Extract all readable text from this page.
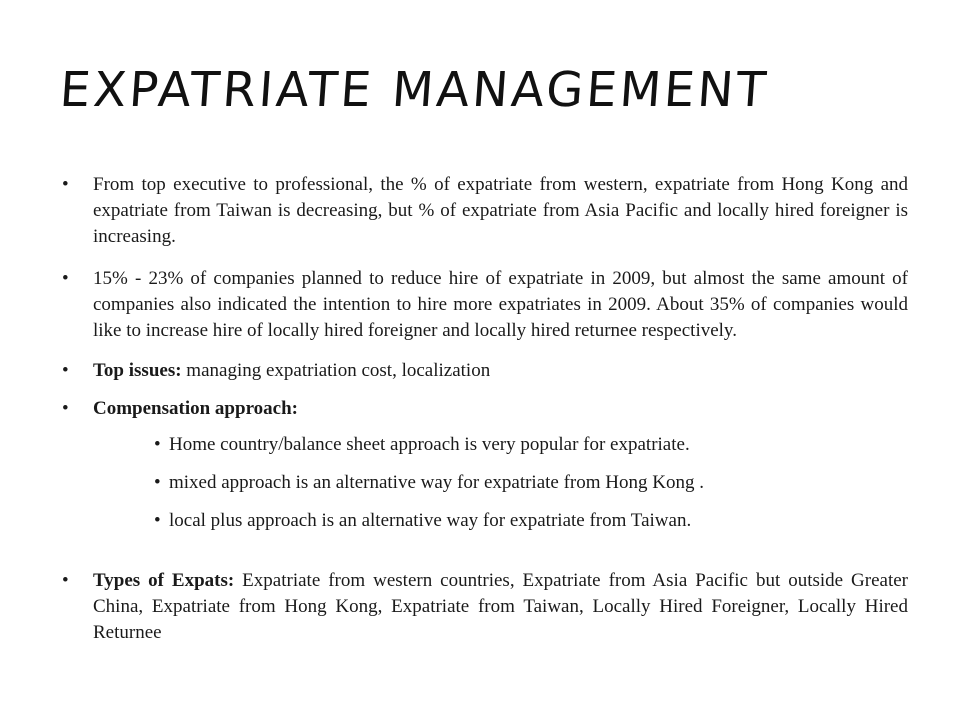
EXPATRIATE MANAGEMENT
• From top executive to professional, the % of expatriate from western, expatriate from Hong Kong and expatriate from Taiwan is decreasing, but % of expatriate from Asia Pacific and locally hired foreigner is increasing.
• 15% - 23% of companies planned to reduce hire of expatriate in 2009, but almost the same amount of companies also indicated the intention to hire more expatriates in 2009. About 35% of companies would like to increase hire of locally hired foreigner and locally hired returnee respectively.
• Top issues: managing expatriation cost, localization
• Compensation approach:
• Home country/balance sheet approach is very popular for expatriate.
• mixed approach is an alternative way for expatriate from Hong Kong .
• local plus approach is an alternative way for expatriate from Taiwan.
• Types of Expats: Expatriate from western countries, Expatriate from Asia Pacific but outside Greater China, Expatriate from Hong Kong, Expatriate from Taiwan, Locally Hired Foreigner, Locally Hired Returnee
